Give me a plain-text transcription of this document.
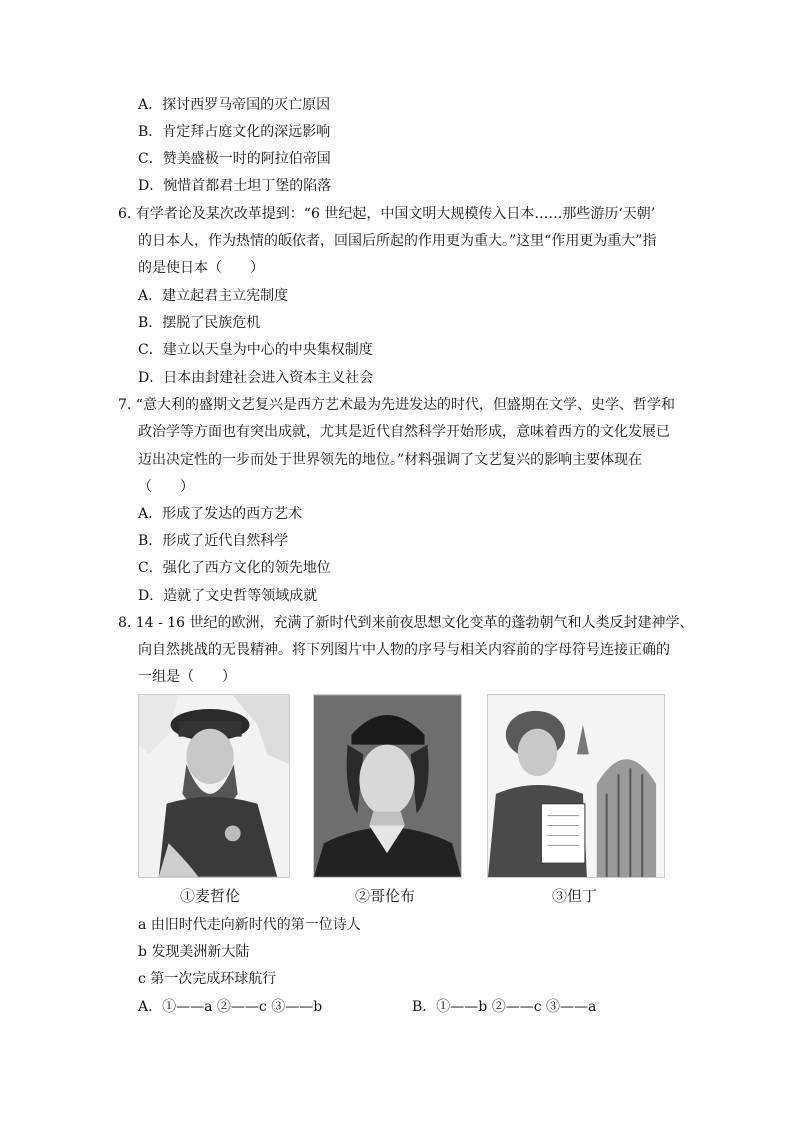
A．探讨西罗马帝国的灭亡原因
B．肯定拜占庭文化的深远影响
C．赞美盛极一时的阿拉伯帝国
D．惋惜首都君士坦丁堡的陷落
6. 有学者论及某次改革提到：“6 世纪起，中国文明大规模传入日本……那些游历‘天朝’
的日本人，作为热情的皈依者，回国后所起的作用更为重大。”这里“作用更为重大”指
的是使日本（　　）
A．建立起君主立宪制度
B．摆脱了民族危机
C．建立以天皇为中心的中央集权制度
D．日本由封建社会进入资本主义社会
7. “意大利的盛期文艺复兴是西方艺术最为先进发达的时代，但盛期在文学、史学、哲学和
政治学等方面也有突出成就，尤其是近代自然科学开始形成，意味着西方的文化发展已
迈出决定性的一步而处于世界领先的地位。”材料强调了文艺复兴的影响主要体现在
（　　）
A．形成了发达的西方艺术
B．形成了近代自然科学
C．强化了西方文化的领先地位
D．造就了文史哲等领域成就
8. 14 - 16 世纪的欧洲，充满了新时代到来前夜思想文化变革的蓬勃朝气和人类反封建神学、
向自然挑战的无畏精神。将下列图片中人物的序号与相关内容前的字母符号连接正确的
一组是（　　）
①麦哲伦	②哥伦布	③但丁
a 由旧时代走向新时代的第一位诗人
b 发现美洲新大陆
c 第一次完成环球航行
A．①——a ②——c ③——b	B．①——b ②——c ③——a
